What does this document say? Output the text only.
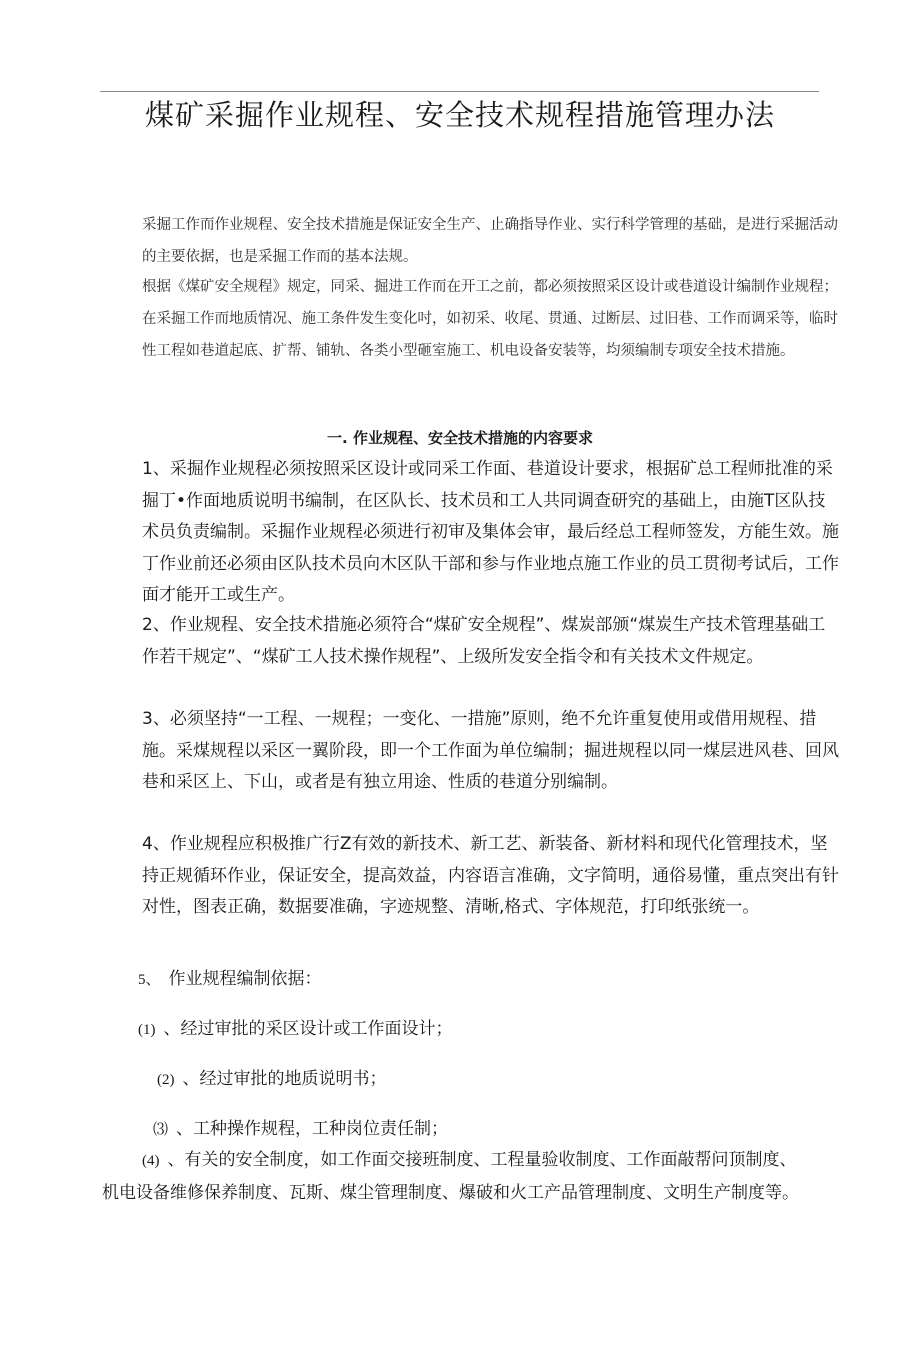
煤矿采掘作业规程、安全技术规程措施管理办法

采掘工作而作业规程、安全技术措施是保证安全生产、止确指导作业、实行科学管理的基础，是进行采掘活动的主要依据，也是采掘工作而的基本法规。

根据《煤矿安全规程》规定，同采、掘进工作而在开工之前，都必须按照采区设计或巷道设计编制作业规程；在采掘工作而地质情况、施工条件发生变化吋，如初采、收尾、贯通、过断层、过旧巷、工作而调采等，临时性工程如巷道起底、扩帮、铺轨、各类小型砸室施工、机电设备安装等，均须编制专项安全技术措施。

一. 作业规程、安全技术措施的内容要求

1、采掘作业规程必须按照采区设计或同采工作面、巷道设计要求，根据矿总工程师批准的采掘丁•作面地质说明书编制，在区队长、技术员和工人共同调查研究的基础上，由施T区队技术员负责编制。采掘作业规程必须进行初审及集体会审，最后经总工程师签发，方能生效。施丁作业前还必须由区队技术员向木区队干部和参与作业地点施工作业的员工贯彻考试后，工作面才能开工或生产。

2、作业规程、安全技术措施必须符合“煤矿安全规程”、煤炭部颁“煤炭生产技术管理基础工作若干规定”、“煤矿工人技术操作规程”、上级所发安全指令和有关技术文件规定。

3、必须坚持“一工程、一规程；一变化、一措施”原则，绝不允许重复使用或借用规程、措施。采煤规程以采区一翼阶段，即一个工作面为单位编制；掘进规程以同一煤层进风巷、回风巷和采区上、下山，或者是有独立用途、性质的巷道分别编制。

4、作业规程应积极推广行Z有效的新技术、新工艺、新装备、新材料和现代化管理技术，坚持正规循环作业，保证安全，提高效益，内容语言准确，文字简明，通俗易懂，重点突出有针对性，图表正确，数据要准确，字迹规整、清晰,格式、字体规范，打印纸张统一。

5、 作业规程编制依据：
(1) 、经过审批的采区设计或工作面设计；
(2) 、经过审批的地质说明书；
⑶ 、工种操作规程，工种岗位责任制；

(4) 、有关的安全制度，如工作面交接班制度、工程量验收制度、工作面敲帮问顶制度、机电设备维修保养制度、瓦斯、煤尘管理制度、爆破和火工产品管理制度、文明生产制度等。
